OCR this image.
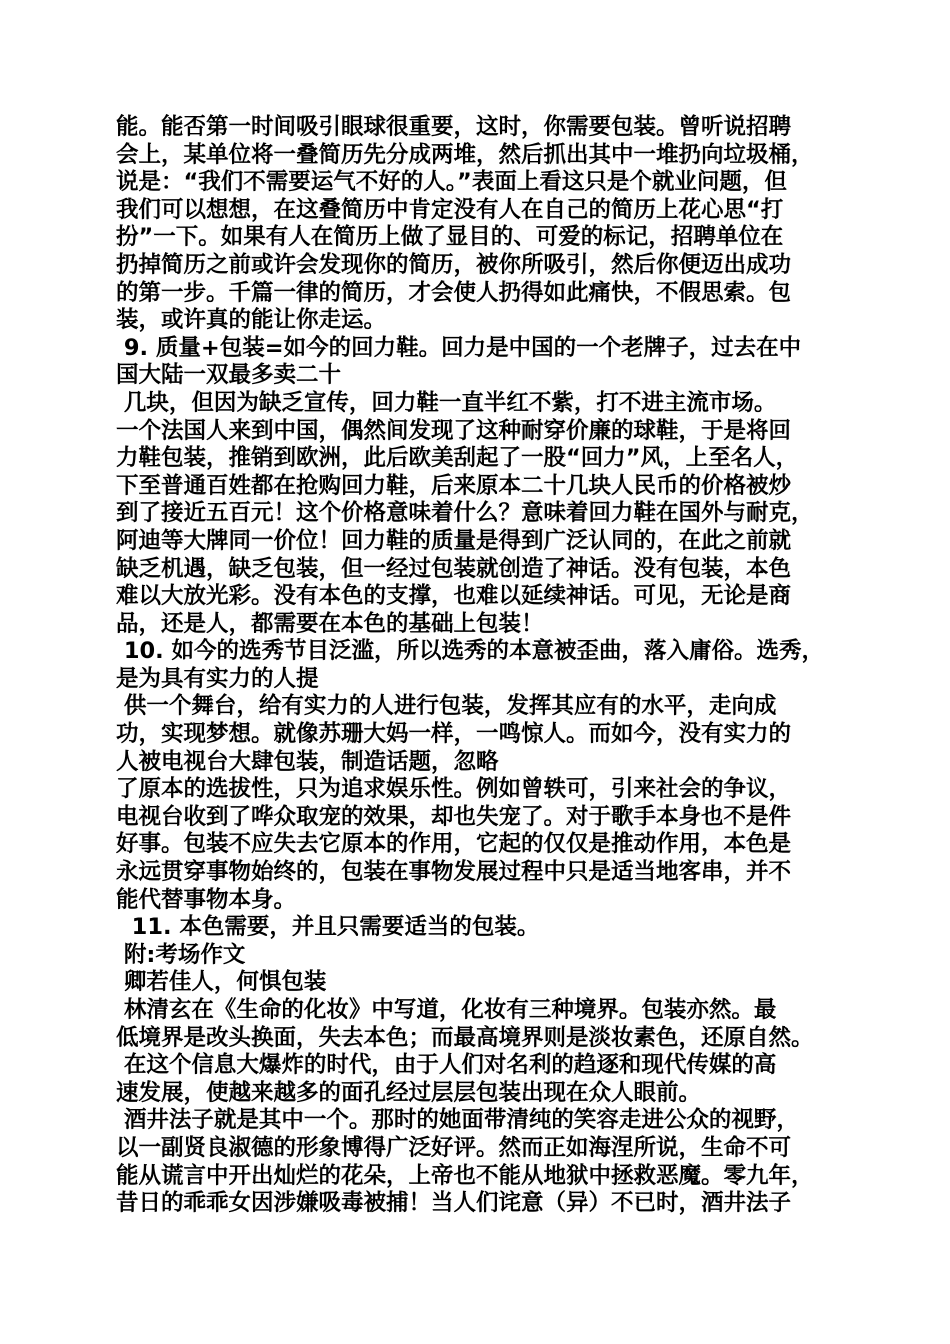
能。能否第一时间吸引眼球很重要，这时，你需要包装。曾听说招聘
会上，某单位将一叠简历先分成两堆，然后抓出其中一堆扔向垃圾桶，
说是：“我们不需要运气不好的人。”表面上看这只是个就业问题，但
我们可以想想，在这叠简历中肯定没有人在自己的简历上花心思“打
扮”一下。如果有人在简历上做了显目的、可爱的标记，招聘单位在
扔掉简历之前或许会发现你的简历，被你所吸引，然后你便迈出成功
的第一步。千篇一律的简历，才会使人扔得如此痛快，不假思索。包
装，或许真的能让你走运。
9. 质量+包装=如今的回力鞋。回力是中国的一个老牌子，过去在中
国大陆一双最多卖二十
几块，但因为缺乏宣传，回力鞋一直半红不紫，打不进主流市场。
一个法国人来到中国，偶然间发现了这种耐穿价廉的球鞋，于是将回
力鞋包装，推销到欧洲，此后欧美刮起了一股“回力”风，上至名人，
下至普通百姓都在抢购回力鞋，后来原本二十几块人民币的价格被炒
到了接近五百元！这个价格意味着什么？意味着回力鞋在国外与耐克，
阿迪等大牌同一价位！回力鞋的质量是得到广泛认同的，在此之前就
缺乏机遇，缺乏包装，但一经过包装就创造了神话。没有包装，本色
难以大放光彩。没有本色的支撑，也难以延续神话。可见，无论是商
品，还是人，都需要在本色的基础上包装！
10. 如今的选秀节目泛滥，所以选秀的本意被歪曲，落入庸俗。选秀，
是为具有实力的人提
供一个舞台，给有实力的人进行包装，发挥其应有的水平，走向成
功，实现梦想。就像苏珊大妈一样，一鸣惊人。而如今，没有实力的
人被电视台大肆包装，制造话题，忽略
了原本的选拔性，只为追求娱乐性。例如曾轶可，引来社会的争议，
电视台收到了哗众取宠的效果，却也失宠了。对于歌手本身也不是件
好事。包装不应失去它原本的作用，它起的仅仅是推动作用，本色是
永远贯穿事物始终的，包装在事物发展过程中只是适当地客串，并不
能代替事物本身。
11. 本色需要，并且只需要适当的包装。
附:考场作文
卿若佳人，何惧包装
林清玄在《生命的化妆》中写道，化妆有三种境界。包装亦然。最
低境界是改头换面，失去本色；而最高境界则是淡妆素色，还原自然。
在这个信息大爆炸的时代，由于人们对名利的趋逐和现代传媒的高
速发展，使越来越多的面孔经过层层包装出现在众人眼前。
酒井法子就是其中一个。那时的她面带清纯的笑容走进公众的视野，
以一副贤良淑德的形象博得广泛好评。然而正如海涅所说，生命不可
能从谎言中开出灿烂的花朵，上帝也不能从地狱中拯救恶魔。零九年，
昔日的乖乖女因涉嫌吸毒被捕！当人们诧意（异）不已时，酒井法子
